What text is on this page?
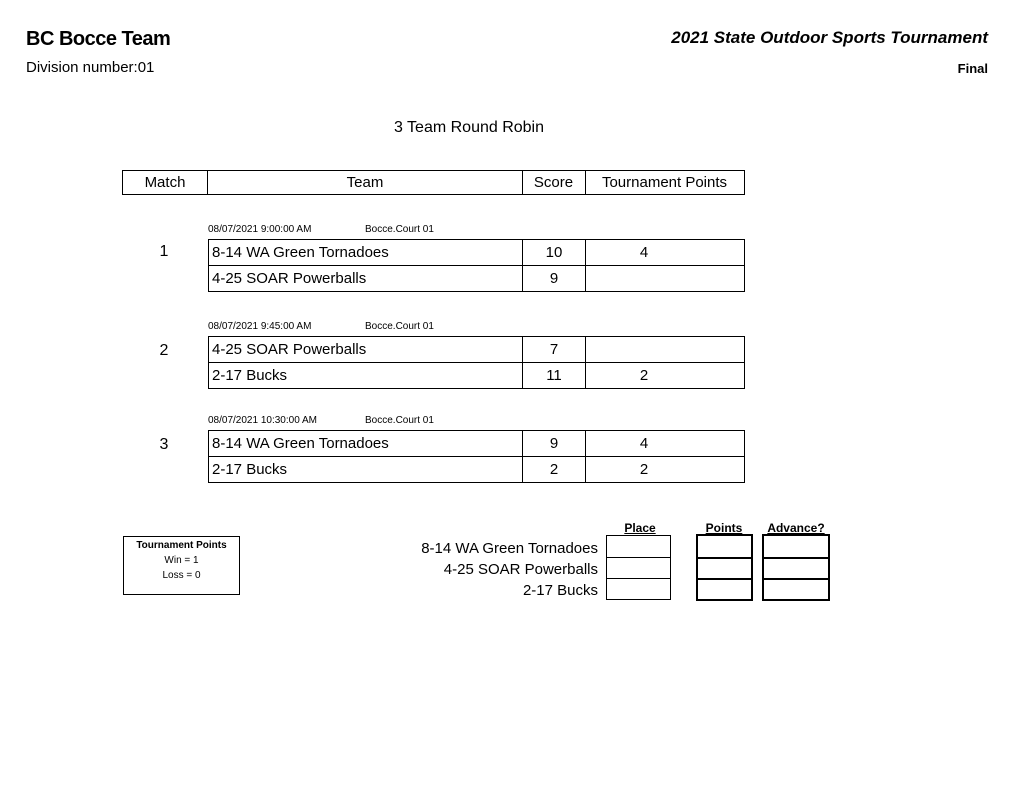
BC Bocce Team
Division number:01
2021 State Outdoor Sports Tournament
Final
3 Team Round Robin
Match	Team	Score	Tournament Points
08/07/2021 9:00:00 AM	Bocce.Court 01
1	8-14 WA Green Tornadoes	10	4
4-25 SOAR Powerballs	9
08/07/2021 9:45:00 AM	Bocce.Court 01
2	4-25 SOAR Powerballs	7
2-17 Bucks	11	2
08/07/2021 10:30:00 AM	Bocce.Court 01
3	8-14 WA Green Tornadoes	9	4
2-17 Bucks	2	2
Tournament Points
Win = 1
Loss = 0
Place	Points	Advance?
8-14 WA Green Tornadoes
4-25 SOAR Powerballs
2-17 Bucks
